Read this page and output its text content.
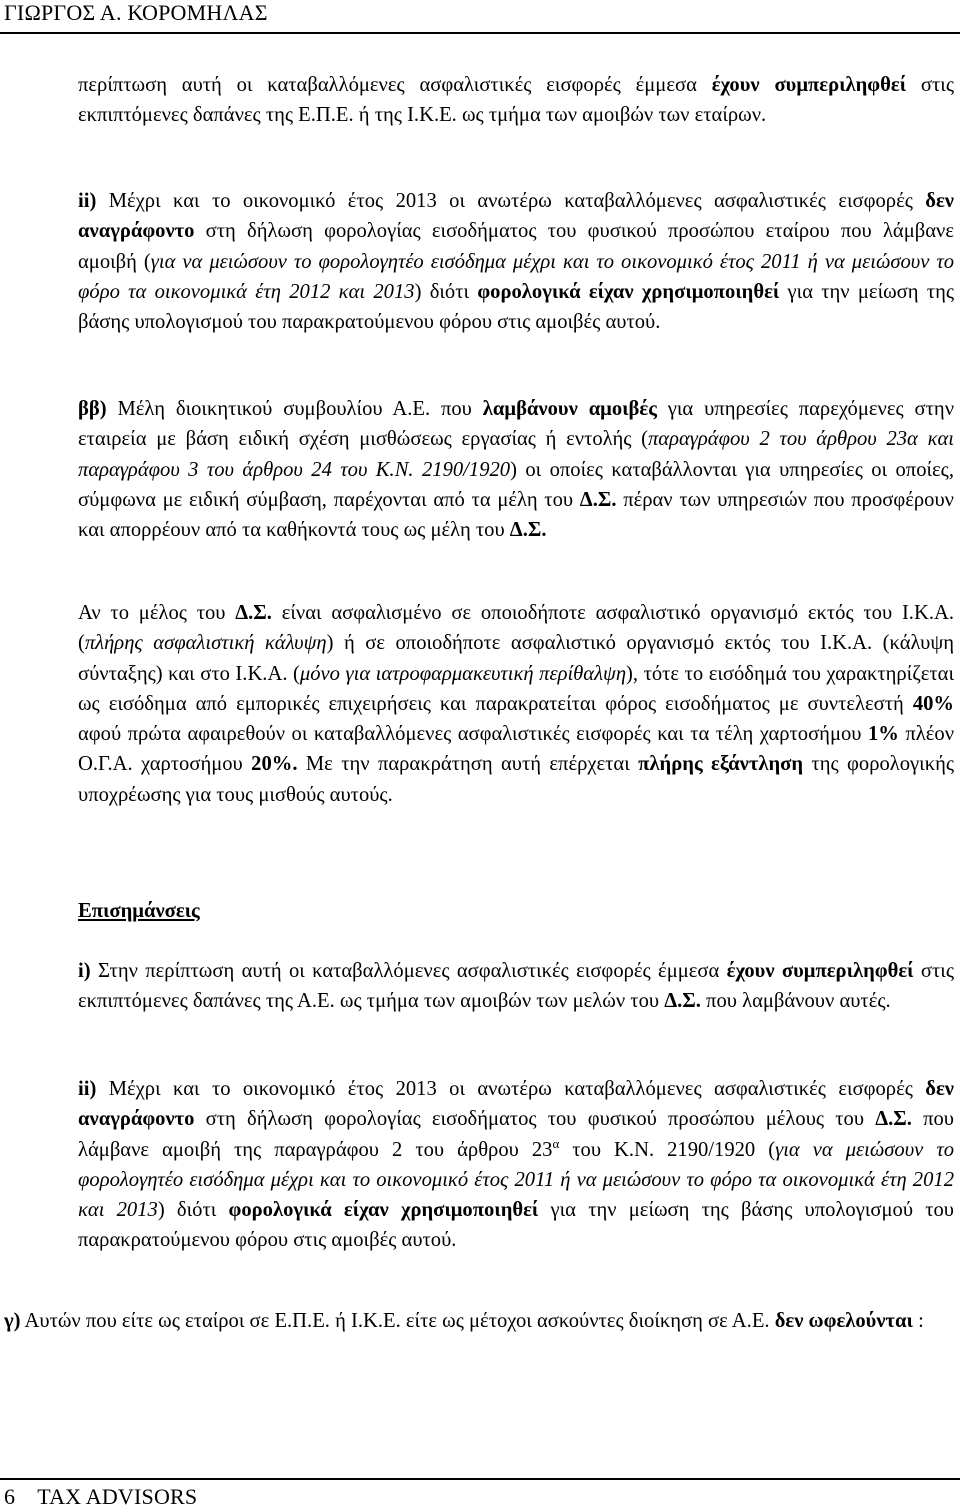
ΓΙΩΡΓΟΣ Α. ΚΟΡΟΜΗΛΑΣ

περίπτωση αυτή οι καταβαλλόμενες ασφαλιστικές εισφορές έμμεσα έχουν συμπεριληφθεί στις εκπιπτόμενες δαπάνες της Ε.Π.Ε. ή της Ι.Κ.Ε. ως τμήμα των αμοιβών των εταίρων.

ii) Μέχρι και το οικονομικό έτος 2013 οι ανωτέρω καταβαλλόμενες ασφαλιστικές εισφορές δεν αναγράφοντο στη δήλωση φορολογίας εισοδήματος του φυσικού προσώπου εταίρου που λάμβανε αμοιβή (για να μειώσουν το φορολογητέο εισόδημα μέχρι και το οικονομικό έτος 2011 ή να μειώσουν το φόρο τα οικονομικά έτη 2012 και 2013) διότι φορολογικά είχαν χρησιμοποιηθεί για την μείωση της βάσης υπολογισμού του παρακρατούμενου φόρου στις αμοιβές αυτού.

ββ) Μέλη διοικητικού συμβουλίου Α.Ε. που λαμβάνουν αμοιβές για υπηρεσίες παρεχόμενες στην εταιρεία με βάση ειδική σχέση μισθώσεως εργασίας ή εντολής (παραγράφου 2 του άρθρου 23α και παραγράφου 3 του άρθρου 24 του Κ.Ν. 2190/1920) οι οποίες καταβάλλονται για υπηρεσίες οι οποίες, σύμφωνα με ειδική σύμβαση, παρέχονται από τα μέλη του Δ.Σ. πέραν των υπηρεσιών που προσφέρουν και απορρέουν από τα καθήκοντά τους ως μέλη του Δ.Σ.

Αν το μέλος του Δ.Σ. είναι ασφαλισμένο σε οποιοδήποτε ασφαλιστικό οργανισμό εκτός του Ι.Κ.Α. (πλήρης ασφαλιστική κάλυψη) ή σε οποιοδήποτε ασφαλιστικό οργανισμό εκτός του Ι.Κ.Α. (κάλυψη σύνταξης) και στο Ι.Κ.Α. (μόνο για ιατροφαρμακευτική περίθαλψη), τότε το εισόδημά του χαρακτηρίζεται ως εισόδημα από εμπορικές επιχειρήσεις και παρακρατείται φόρος εισοδήματος με συντελεστή 40% αφού πρώτα αφαιρεθούν οι καταβαλλόμενες ασφαλιστικές εισφορές και τα τέλη χαρτοσήμου 1% πλέον Ο.Γ.Α. χαρτοσήμου 20%. Με την παρακράτηση αυτή επέρχεται πλήρης εξάντληση της φορολογικής υποχρέωσης για τους μισθούς αυτούς.

Επισημάνσεις

i) Στην περίπτωση αυτή οι καταβαλλόμενες ασφαλιστικές εισφορές έμμεσα έχουν συμπεριληφθεί στις εκπιπτόμενες δαπάνες της Α.Ε. ως τμήμα των αμοιβών των μελών του Δ.Σ. που λαμβάνουν αυτές.

ii) Μέχρι και το οικονομικό έτος 2013 οι ανωτέρω καταβαλλόμενες ασφαλιστικές εισφορές δεν αναγράφοντο στη δήλωση φορολογίας εισοδήματος του φυσικού προσώπου μέλους του Δ.Σ. που λάμβανε αμοιβή της παραγράφου 2 του άρθρου $23^\alpha$ του Κ.Ν. 2190/1920 (για να μειώσουν το φορολογητέο εισόδημα μέχρι και το οικονομικό έτος 2011 ή να μειώσουν το φόρο τα οικονομικά έτη 2012 και 2013) διότι φορολογικά είχαν χρησιμοποιηθεί για την μείωση της βάσης υπολογισμού του παρακρατούμενου φόρου στις αμοιβές αυτού.

γ) Αυτών που είτε ως εταίροι σε Ε.Π.Ε. ή Ι.Κ.Ε. είτε ως μέτοχοι ασκούντες διοίκηση σε Α.Ε. δεν ωφελούνται :

6 TAX ADVISORS
